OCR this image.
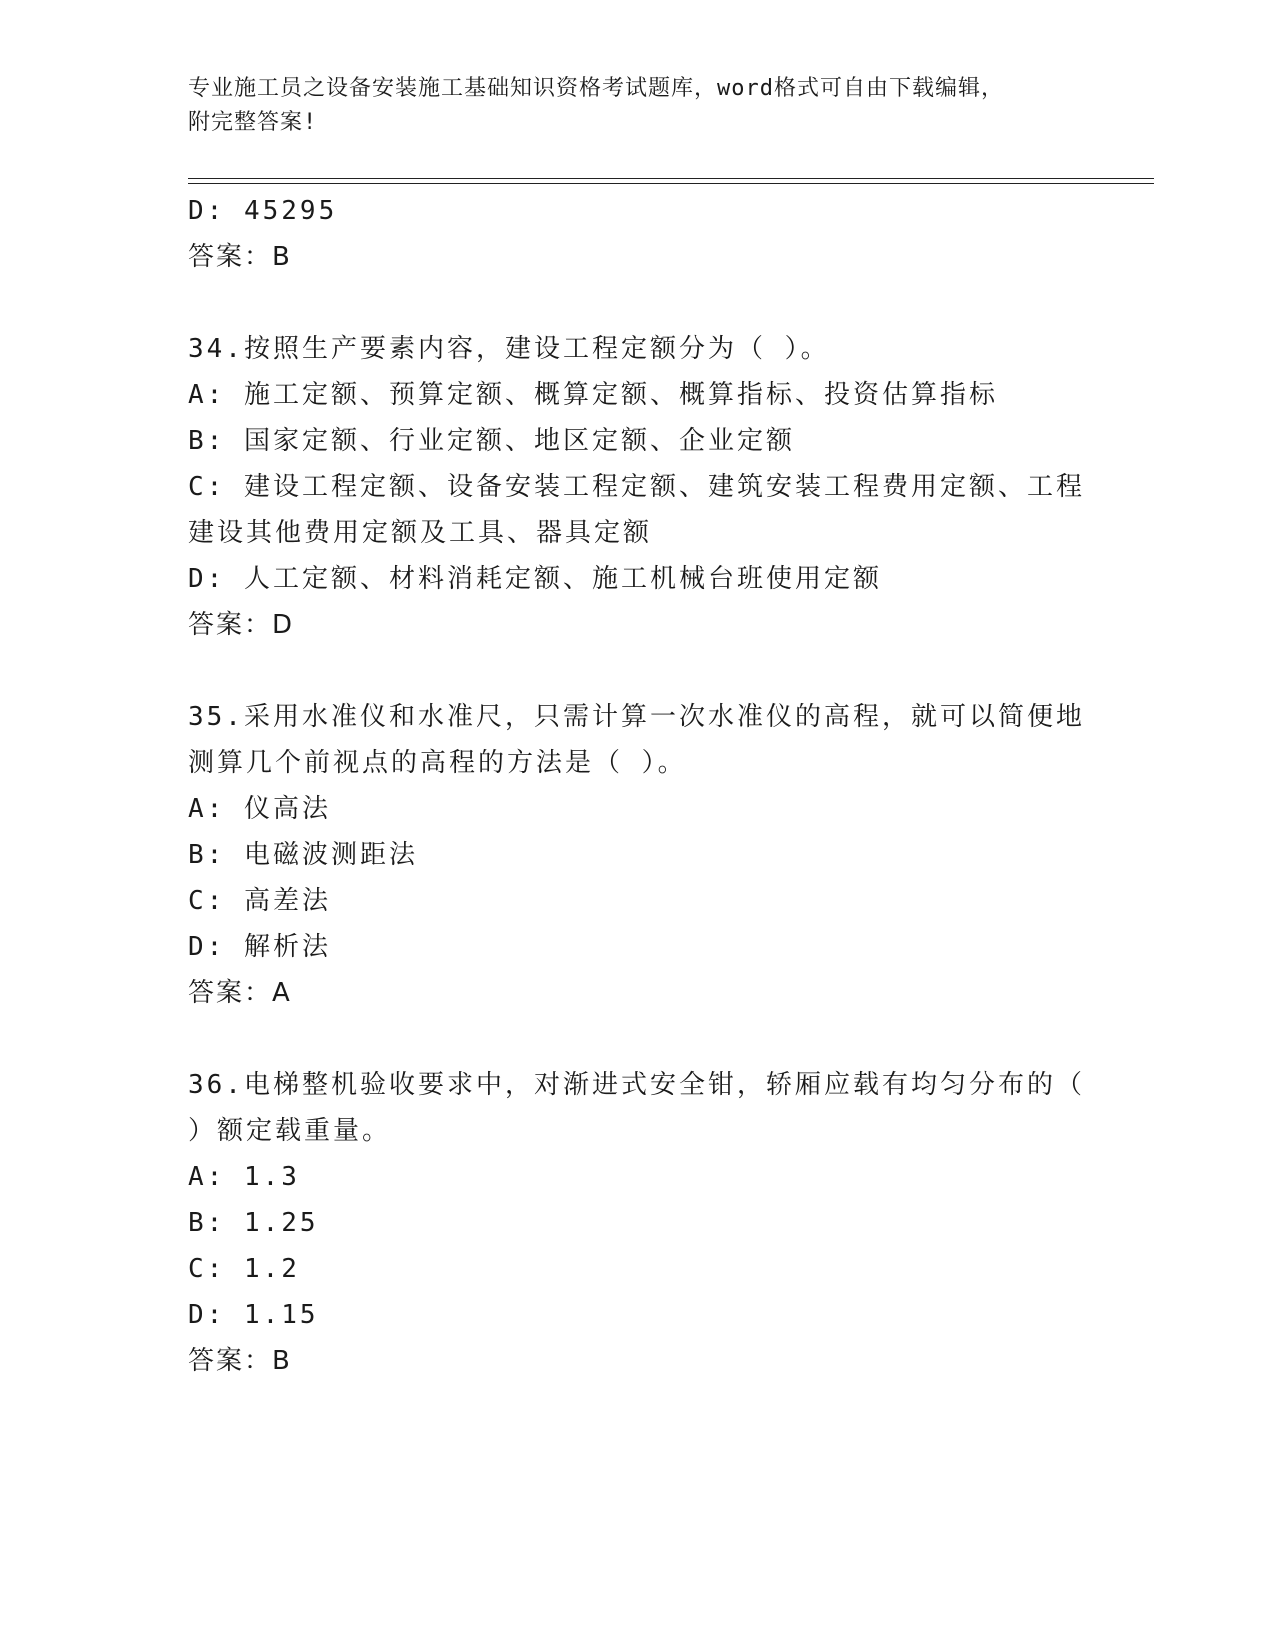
专业施工员之设备安装施工基础知识资格考试题库，word格式可自由下载编辑，
附完整答案!

D: 45295

答案：B

34.按照生产要素内容，建设工程定额分为（ ）。

A: 施工定额、预算定额、概算定额、概算指标、投资估算指标

B: 国家定额、行业定额、地区定额、企业定额

C: 建设工程定额、设备安装工程定额、建筑安装工程费用定额、工程

建设其他费用定额及工具、器具定额

D: 人工定额、材料消耗定额、施工机械台班使用定额

答案：D

35.采用水准仪和水准尺，只需计算一次水准仪的高程，就可以简便地

测算几个前视点的高程的方法是（ ）。

A: 仪高法

B: 电磁波测距法

C: 高差法

D: 解析法

答案：A

36.电梯整机验收要求中，对渐进式安全钳，轿厢应载有均匀分布的（

）额定载重量。

A: 1.3

B: 1.25

C: 1.2

D: 1.15

答案：B
